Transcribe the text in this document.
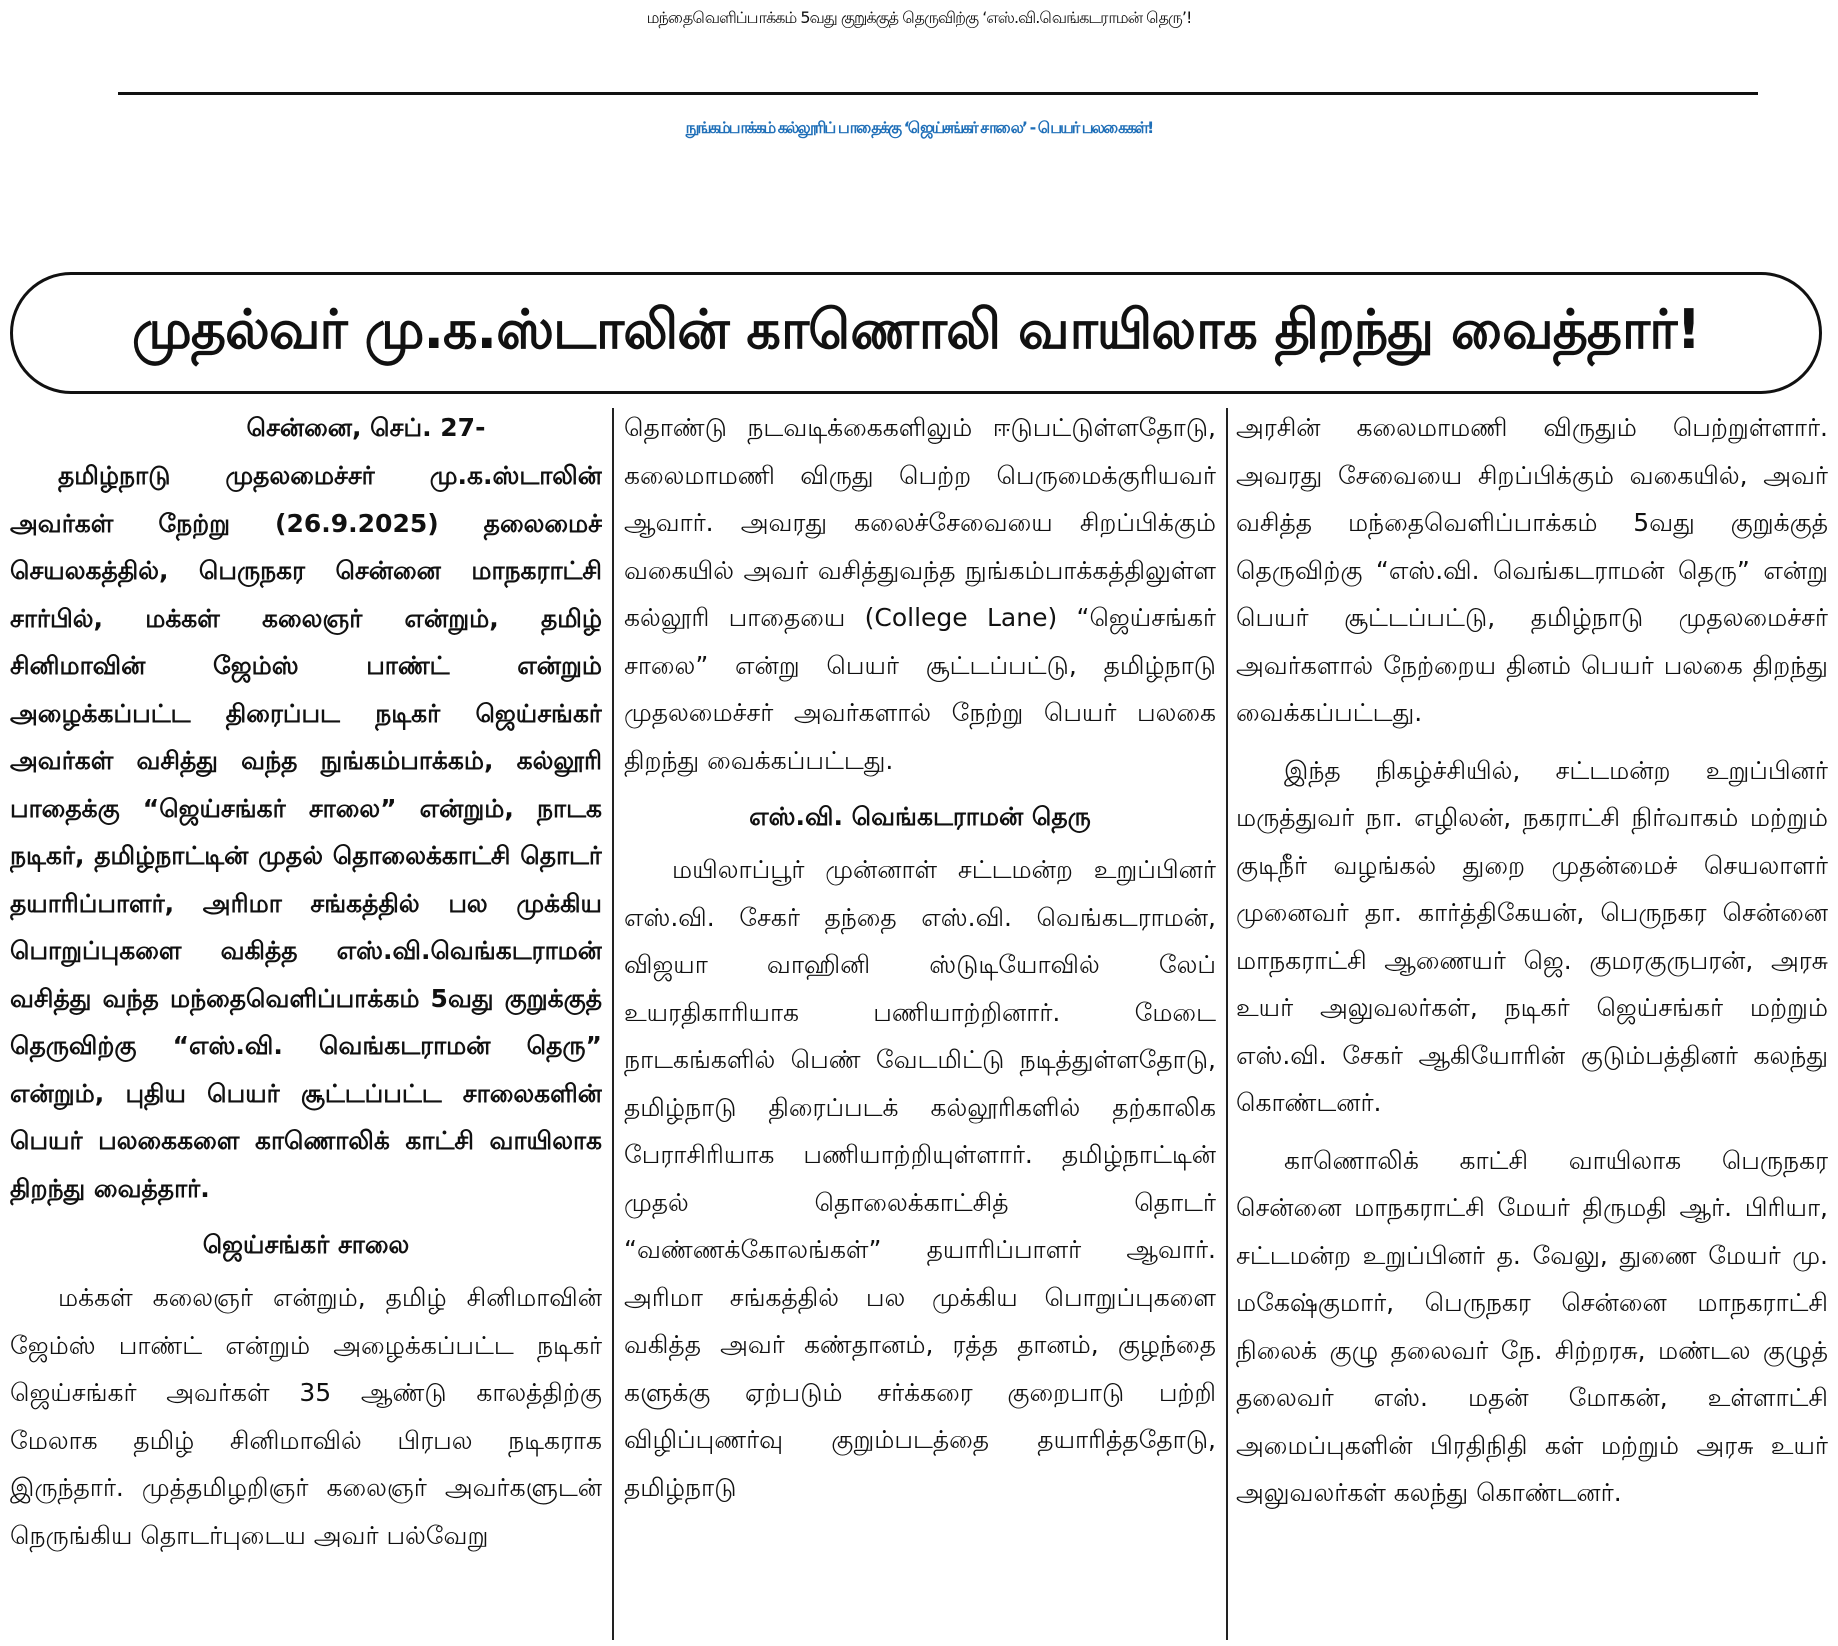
மந்தைவெளிப்பாக்கம் 5வது குறுக்குத் தெருவிற்கு ‘எஸ்.வி.வெங்கடராமன் தெரு’!
நுங்கம்பாக்கம் கல்லூரிப் பாதைக்கு ‘ஜெய்சங்கர் சாலை’ - பெயர் பலகைகள்!
முதல்வர் மு.க.ஸ்டாலின் காணொலி வாயிலாக திறந்து வைத்தார்!
சென்னை, செப். 27-

தமிழ்நாடு முதலமைச்சர் மு.க.ஸ்டாலின் அவர்கள் நேற்று (26.9.2025) தலைமைச் செயலகத்தில், பெருநகர சென்னை மாநகராட்சி சார்பில், மக்கள் கலைஞர் என்றும், தமிழ் சினிமாவின் ஜேம்ஸ் பாண்ட் என்றும் அழைக்கப்பட்ட திரைப்பட நடிகர் ஜெய்சங்கர் அவர்கள் வசித்து வந்த நுங்கம்பாக்கம், கல்லூரி பாதைக்கு “ஜெய்சங்கர் சாலை” என்றும், நாடக நடிகர், தமிழ்நாட்டின் முதல் தொலைக்காட்சி தொடர் தயாரிப்பாளர், அரிமா சங்கத்தில் பல முக்கிய பொறுப்புகளை வகித்த எஸ்.வி.வெங்கடராமன் வசித்து வந்த மந்தைவெளிப்பாக்கம் 5வது குறுக்குத் தெருவிற்கு “எஸ்.வி. வெங்கடராமன் தெரு” என்றும், புதிய பெயர் சூட்டப்பட்ட சாலைகளின் பெயர் பலகைகளை காணொலிக் காட்சி வாயிலாக திறந்து வைத்தார்.

ஜெய்சங்கர் சாலை

மக்கள் கலைஞர் என்றும், தமிழ் சினிமாவின் ஜேம்ஸ் பாண்ட் என்றும் அழைக்கப்பட்ட நடிகர் ஜெய்சங்கர் அவர்கள் 35 ஆண்டு காலத்திற்கு மேலாக தமிழ் சினிமாவில் பிரபல நடிகராக இருந்தார். முத்தமிழறிஞர் கலைஞர் அவர்களுடன் நெருங்கிய தொடர்புடைய அவர் பல்வேறு

தொண்டு நடவடிக்கைகளிலும் ஈடுபட்டுள்ளதோடு, கலைமாமணி விருது பெற்ற பெருமைக்குரியவர் ஆவார். அவரது கலைச்சேவையை சிறப்பிக்கும் வகையில் அவர் வசித்துவந்த நுங்கம்பாக்கத்திலுள்ள கல்லூரி பாதையை (College Lane) “ஜெய்சங்கர் சாலை” என்று பெயர் சூட்டப்பட்டு, தமிழ்நாடு முதலமைச்சர் அவர்களால் நேற்று பெயர் பலகை திறந்து வைக்கப்பட்டது.

எஸ்.வி. வெங்கடராமன் தெரு

மயிலாப்பூர் முன்னாள் சட்டமன்ற உறுப்பினர் எஸ்.வி. சேகர் தந்தை எஸ்.வி. வெங்கடராமன், விஜயா வாஹினி ஸ்டுடியோவில் லேப் உயரதிகாரியாக பணியாற்றினார். மேடை நாடகங்களில் பெண் வேடமிட்டு நடித்துள்ளதோடு, தமிழ்நாடு திரைப்படக் கல்லூரிகளில் தற்காலிக பேராசிரியாக பணியாற்றியுள்ளார். தமிழ்நாட்டின் முதல் தொலைக்காட்சித் தொடர் “வண்ணக்கோலங்கள்” தயாரிப்பாளர் ஆவார். அரிமா சங்கத்தில் பல முக்கிய பொறுப்புகளை வகித்த அவர் கண்தானம், ரத்த தானம், குழந்தை களுக்கு ஏற்படும் சர்க்கரை குறைபாடு பற்றி விழிப்புணர்வு குறும்படத்தை தயாரித்ததோடு, தமிழ்நாடு

அரசின் கலைமாமணி விருதும் பெற்றுள்ளார். அவரது சேவையை சிறப்பிக்கும் வகையில், அவர் வசித்த மந்தைவெளிப்பாக்கம் 5வது குறுக்குத் தெருவிற்கு “எஸ்.வி. வெங்கடராமன் தெரு” என்று பெயர் சூட்டப்பட்டு, தமிழ்நாடு முதலமைச்சர் அவர்களால் நேற்றைய தினம் பெயர் பலகை திறந்து வைக்கப்பட்டது.

இந்த நிகழ்ச்சியில், சட்டமன்ற உறுப்பினர் மருத்துவர் நா. எழிலன், நகராட்சி நிர்வாகம் மற்றும் குடிநீர் வழங்கல் துறை முதன்மைச் செயலாளர் முனைவர் தா. கார்த்திகேயன், பெருநகர சென்னை மாநகராட்சி ஆணையர் ஜெ. குமரகுருபரன், அரசு உயர் அலுவலர்கள், நடிகர் ஜெய்சங்கர் மற்றும் எஸ்.வி. சேகர் ஆகியோரின் குடும்பத்தினர் கலந்து கொண்டனர்.

காணொலிக் காட்சி வாயிலாக பெருநகர சென்னை மாநகராட்சி மேயர் திருமதி ஆர். பிரியா, சட்டமன்ற உறுப்பினர் த. வேலு, துணை மேயர் மு. மகேஷ்குமார், பெருநகர சென்னை மாநகராட்சி நிலைக் குழு தலைவர் நே. சிற்றரசு, மண்டல குழுத் தலைவர் எஸ். மதன் மோகன், உள்ளாட்சி அமைப்புகளின் பிரதிநிதி கள் மற்றும் அரசு உயர் அலுவலர்கள் கலந்து கொண்டனர்.
